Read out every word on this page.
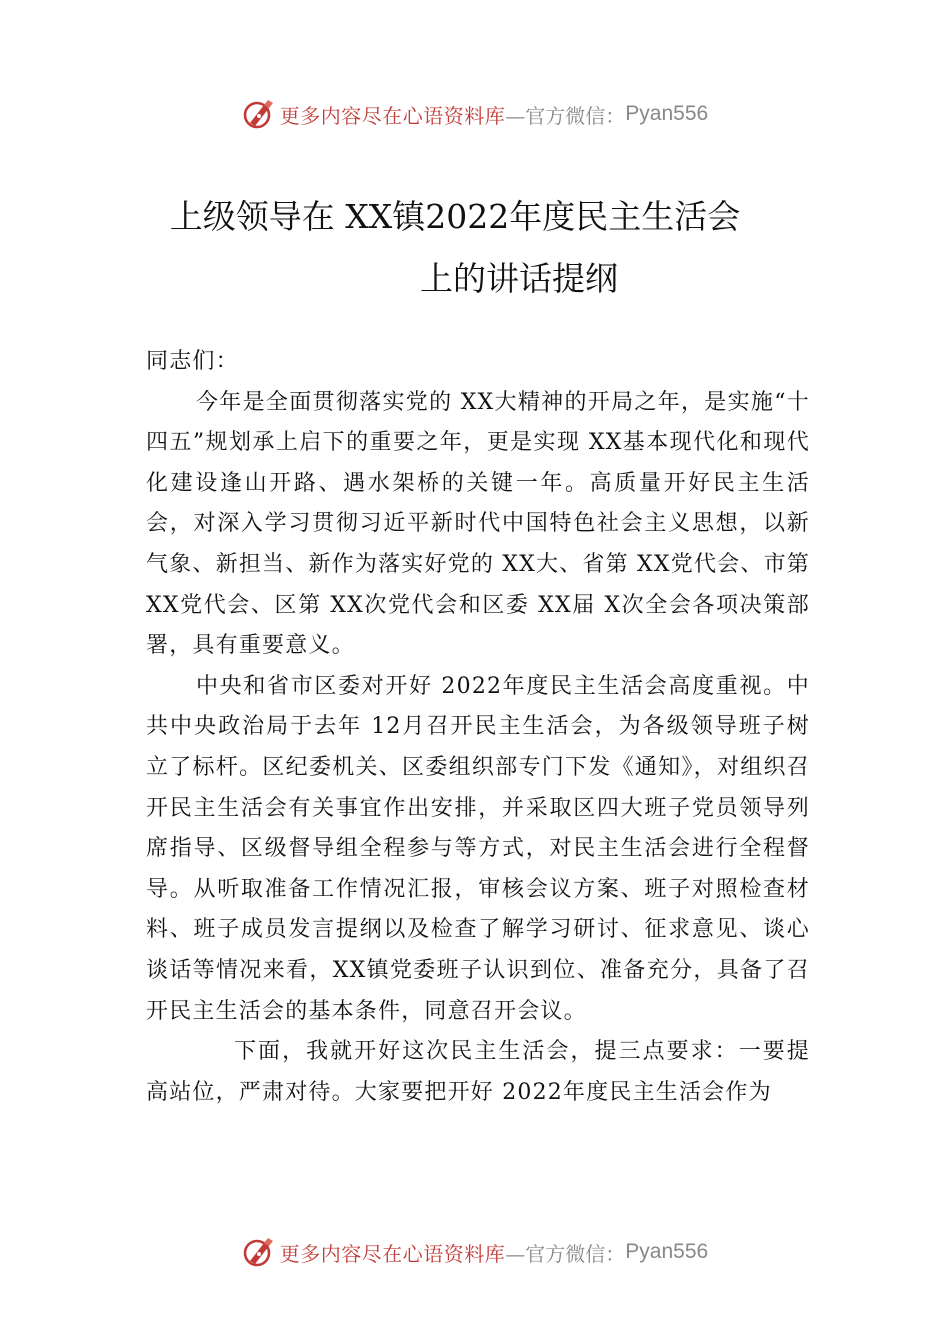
更多内容尽在心语资料库 —官方微信： Pyan556
上级领导在 XX镇2022年度民主生活会
上的讲话提纲

同志们：

今年是全面贯彻落实党的 XX大精神的开局之年，是实施“十四五”规划承上启下的重要之年，更是实现 XX基本现代化和现代化建设逢山开路、遇水架桥的关键一年。高质量开好民主生活会，对深入学习贯彻习近平新时代中国特色社会主义思想，以新气象、新担当、新作为落实好党的 XX大、省第 XX党代会、市第 XX党代会、区第 XX次党代会和区委 XX届 X次全会各项决策部署，具有重要意义。

中央和省市区委对开好 2022年度民主生活会高度重视。中共中央政治局于去年 12月召开民主生活会，为各级领导班子树立了标杆。区纪委机关、区委组织部专门下发《通知》，对组织召开民主生活会有关事宜作出安排，并采取区四大班子党员领导列席指导、区级督导组全程参与等方式，对民主生活会进行全程督导。从听取准备工作情况汇报，审核会议方案、班子对照检查材料、班子成员发言提纲以及检查了解学习研讨、征求意见、谈心谈话等情况来看，XX镇党委班子认识到位、准备充分，具备了召开民主生活会的基本条件，同意召开会议。

下面，我就开好这次民主生活会，提三点要求：一要提高站位，严肃对待。大家要把开好 2022年度民主生活会作为

更多内容尽在心语资料库 —官方微信： Pyan556
